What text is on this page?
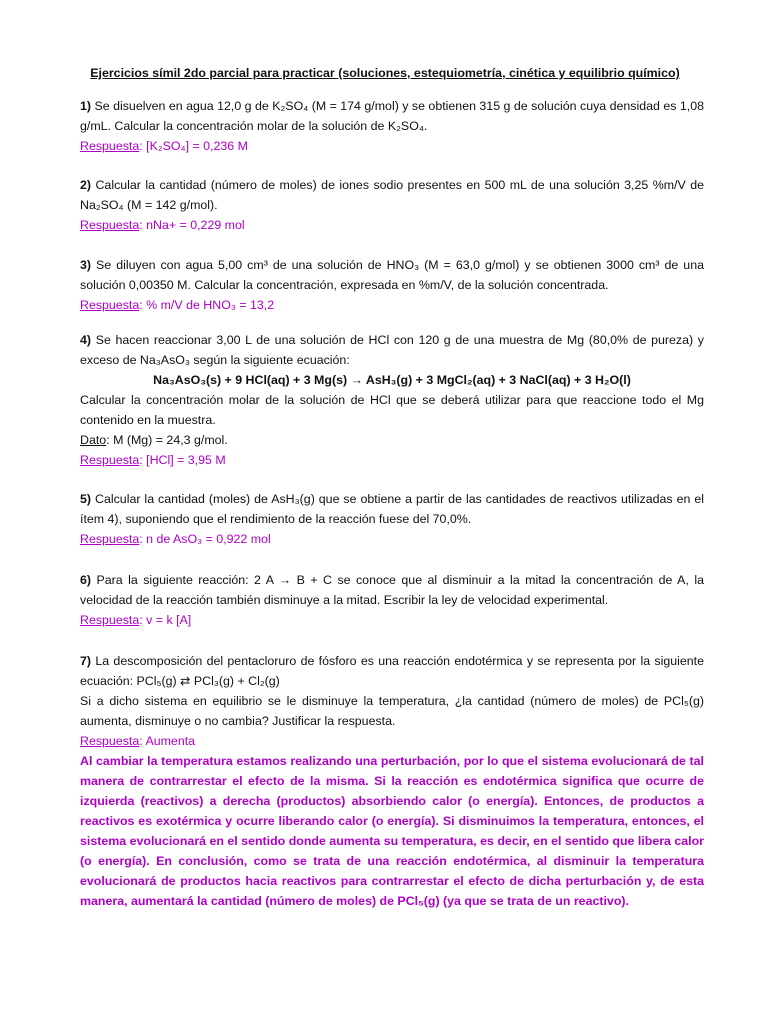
Ejercicios símil 2do parcial para practicar (soluciones, estequiometría, cinética y equilibrio químico)

1) Se disuelven en agua 12,0 g de K₂SO₄ (M = 174 g/mol) y se obtienen 315 g de solución cuya densidad es 1,08 g/mL. Calcular la concentración molar de la solución de K₂SO₄.

Respuesta: [K₂SO₄] = 0,236 M

2) Calcular la cantidad (número de moles) de iones sodio presentes en 500 mL de una solución 3,25 %m/V de Na₂SO₄ (M = 142 g/mol).

Respuesta: nNa+ = 0,229 mol

3) Se diluyen con agua 5,00 cm³ de una solución de HNO₃ (M = 63,0 g/mol) y se obtienen 3000 cm³ de una solución 0,00350 M. Calcular la concentración, expresada en %m/V, de la solución concentrada.

Respuesta: % m/V de HNO₃ = 13,2

4) Se hacen reaccionar 3,00 L de una solución de HCl con 120 g de una muestra de Mg (80,0% de pureza) y exceso de Na₃AsO₃ según la siguiente ecuación:

Na₃AsO₃(s) + 9 HCl(aq) + 3 Mg(s) → AsH₃(g) + 3 MgCl₂(aq) + 3 NaCl(aq) + 3 H₂O(l)

Calcular la concentración molar de la solución de HCl que se deberá utilizar para que reaccione todo el Mg contenido en la muestra.

Dato: M (Mg) = 24,3 g/mol.

Respuesta: [HCl] = 3,95 M

5) Calcular la cantidad (moles) de AsH₃(g) que se obtiene a partir de las cantidades de reactivos utilizadas en el ítem 4), suponiendo que el rendimiento de la reacción fuese del 70,0%.

Respuesta: n de AsO₃ = 0,922 mol

6) Para la siguiente reacción: 2 A → B + C se conoce que al disminuir a la mitad la concentración de A, la velocidad de la reacción también disminuye a la mitad. Escribir la ley de velocidad experimental.

Respuesta: v = k [A]

7) La descomposición del pentacloruro de fósforo es una reacción endotérmica y se representa por la siguiente ecuación: PCl₅(g) ⇄ PCl₃(g) + Cl₂(g)

Si a dicho sistema en equilibrio se le disminuye la temperatura, ¿la cantidad (número de moles) de PCl₅(g) aumenta, disminuye o no cambia? Justificar la respuesta.

Respuesta: Aumenta

Al cambiar la temperatura estamos realizando una perturbación, por lo que el sistema evolucionará de tal manera de contrarrestar el efecto de la misma. Si la reacción es endotérmica significa que ocurre de izquierda (reactivos) a derecha (productos) absorbiendo calor (o energía). Entonces, de productos a reactivos es exotérmica y ocurre liberando calor (o energía). Si disminuimos la temperatura, entonces, el sistema evolucionará en el sentido donde aumenta su temperatura, es decir, en el sentido que libera calor (o energía). En conclusión, como se trata de una reacción endotérmica, al disminuir la temperatura evolucionará de productos hacia reactivos para contrarrestar el efecto de dicha perturbación y, de esta manera, aumentará la cantidad (número de moles) de PCl₅(g) (ya que se trata de un reactivo).
